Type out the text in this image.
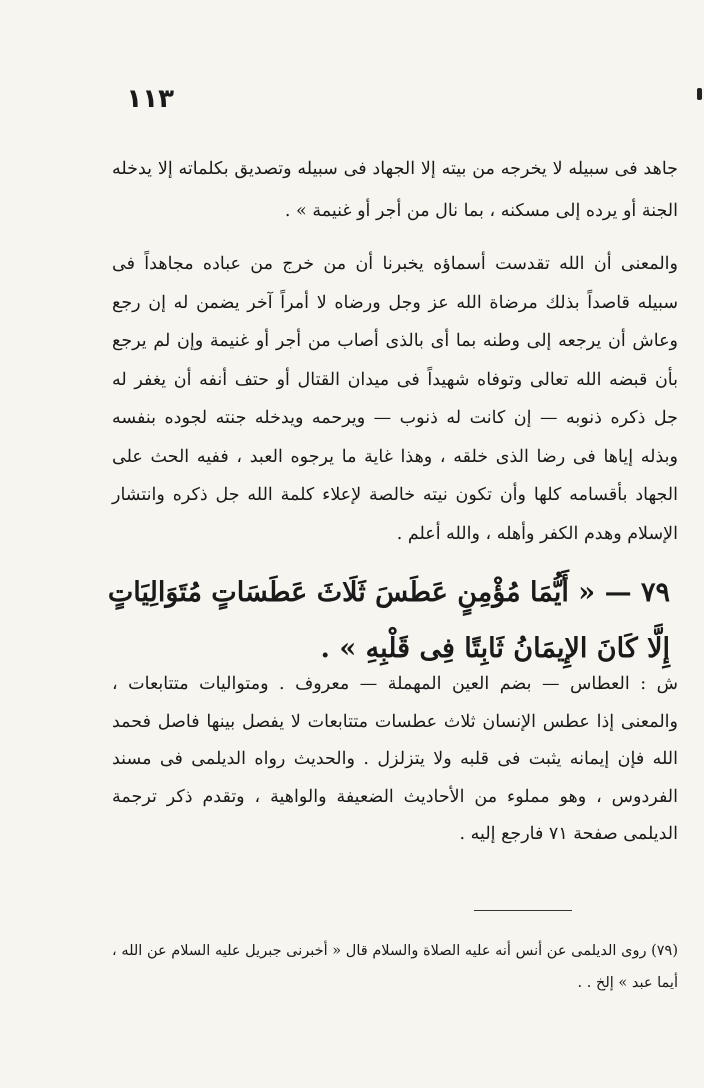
١١٣

جاهد فى سبيله لا يخرجه من بيته إلا الجهاد فى سبيله وتصديق بكلماته إلا يدخله الجنة أو يرده إلى مسكنه ، بما نال من أجر أو غنيمة » .

والمعنى أن الله تقدست أسماؤه يخبرنا أن من خرج من عباده مجاهداً فى سبيله قاصداً بذلك مرضاة الله عز وجل ورضاه لا أمراً آخر يضمن له إن رجع وعاش أن يرجعه إلى وطنه بما أى بالذى أصاب من أجر أو غنيمة وإن لم يرجع بأن قبضه الله تعالى وتوفاه شهيداً فى ميدان القتال أو حتف أنفه أن يغفر له جل ذكره ذنوبه — إن كانت له ذنوب — ويرحمه ويدخله جنته لجوده بنفسه وبذله إياها فى رضا الذى خلقه ، وهذا غاية ما يرجوه العبد ، ففيه الحث على الجهاد بأقسامه كلها وأن تكون نيته خالصة لإعلاء كلمة الله جل ذكره وانتشار الإسلام وهدم الكفر وأهله ، والله أعلم .

٧٩ — « أَيُّمَا مُؤْمِنٍ عَطَسَ ثَلَاثَ عَطَسَاتٍ مُتَوَالِيَاتٍ إِلَّا كَانَ الإِيمَانُ ثَابِتًا فِى قَلْبِهِ » .

ش : العطاس — بضم العين المهملة — معروف . ومتواليات متتابعات ، والمعنى إذا عطس الإنسان ثلاث عطسات متتابعات لا يفصل بينها فاصل فحمد الله فإن إيمانه يثبت فى قلبه ولا يتزلزل . والحديث رواه الديلمى فى مسند الفردوس ، وهو مملوء من الأحاديث الضعيفة والواهية ، وتقدم ذكر ترجمة الديلمى صفحة ٧١ فارجع إليه .

(٧٩) روى الديلمى عن أنس أنه عليه الصلاة والسلام قال « أخبرنى جبريل عليه السلام عن الله ، أيما عبد » إلخ . .
